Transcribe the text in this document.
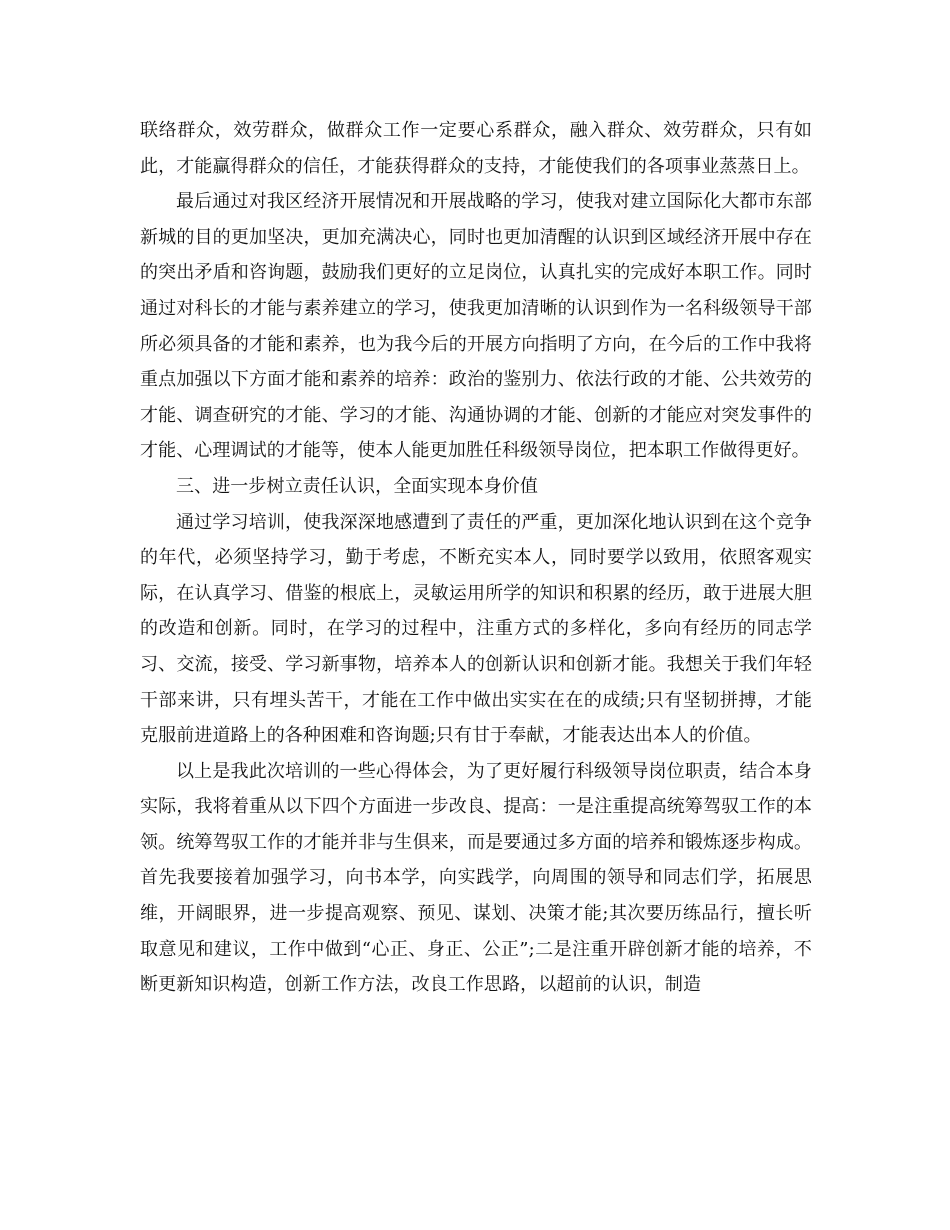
联络群众，效劳群众，做群众工作一定要心系群众，融入群众、效劳群众，只有如此，才能赢得群众的信任，才能获得群众的支持，才能使我们的各项事业蒸蒸日上。

最后通过对我区经济开展情况和开展战略的学习，使我对建立国际化大都市东部新城的目的更加坚决，更加充满决心，同时也更加清醒的认识到区域经济开展中存在的突出矛盾和咨询题，鼓励我们更好的立足岗位，认真扎实的完成好本职工作。同时通过对科长的才能与素养建立的学习，使我更加清晰的认识到作为一名科级领导干部所必须具备的才能和素养，也为我今后的开展方向指明了方向，在今后的工作中我将重点加强以下方面才能和素养的培养：政治的鉴别力、依法行政的才能、公共效劳的才能、调查研究的才能、学习的才能、沟通协调的才能、创新的才能应对突发事件的才能、心理调试的才能等，使本人能更加胜任科级领导岗位，把本职工作做得更好。

三、进一步树立责任认识，全面实现本身价值

通过学习培训，使我深深地感遭到了责任的严重，更加深化地认识到在这个竞争的年代，必须坚持学习，勤于考虑，不断充实本人，同时要学以致用，依照客观实际，在认真学习、借鉴的根底上，灵敏运用所学的知识和积累的经历，敢于进展大胆的改造和创新。同时，在学习的过程中，注重方式的多样化，多向有经历的同志学习、交流，接受、学习新事物，培养本人的创新认识和创新才能。我想关于我们年轻干部来讲，只有埋头苦干，才能在工作中做出实实在在的成绩;只有坚韧拼搏，才能克服前进道路上的各种困难和咨询题;只有甘于奉献，才能表达出本人的价值。

以上是我此次培训的一些心得体会，为了更好履行科级领导岗位职责，结合本身实际，我将着重从以下四个方面进一步改良、提高：一是注重提高统筹驾驭工作的本领。统筹驾驭工作的才能并非与生俱来，而是要通过多方面的培养和锻炼逐步构成。首先我要接着加强学习，向书本学，向实践学，向周围的领导和同志们学，拓展思维，开阔眼界，进一步提高观察、预见、谋划、决策才能;其次要历练品行，擅长听取意见和建议，工作中做到“心正、身正、公正”;二是注重开辟创新才能的培养，不断更新知识构造，创新工作方法，改良工作思路，以超前的认识，制造
